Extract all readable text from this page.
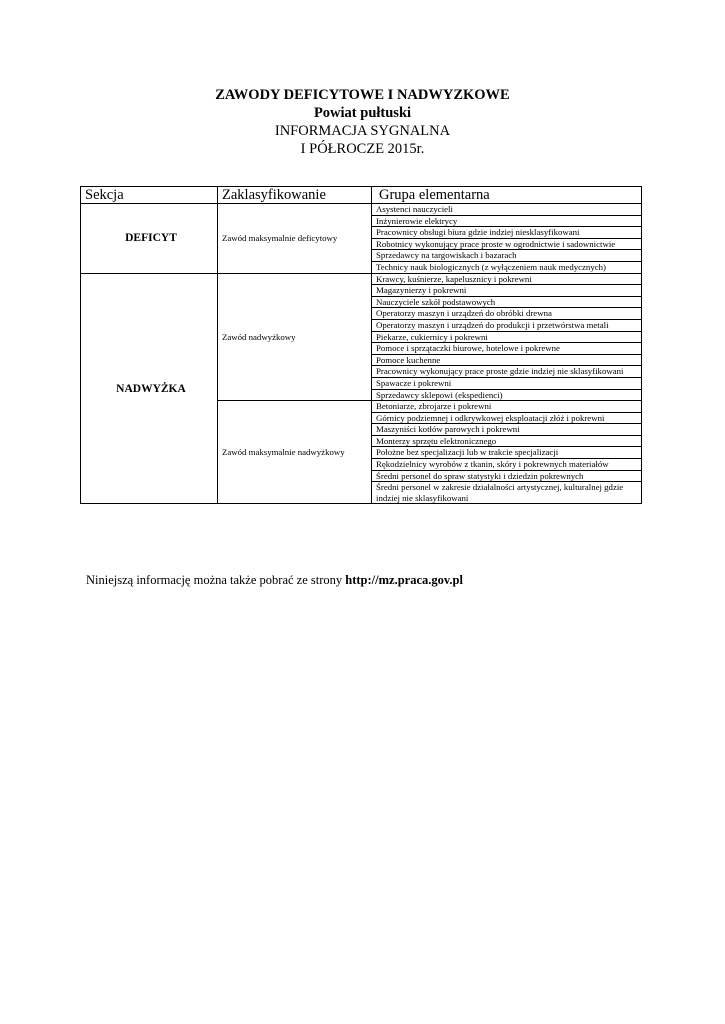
ZAWODY DEFICYTOWE I NADWYZKOWE
Powiat pułtuski
INFORMACJA SYGNALNA
I PÓŁROCZE 2015r.
Sekcja	Zaklasyfikowanie	Grupa elementarna
DEFICYT	Zawód maksymalnie deficytowy	Asystenci nauczycieli
		Inżynierowie elektrycy
		Pracownicy obsługi biura gdzie indziej niesklasyfikowani
		Robotnicy wykonujący prace proste w ogrodnictwie i sadownictwie
		Sprzedawcy na targowiskach i bazarach
		Technicy nauk biologicznych (z wyłączeniem nauk medycznych)
NADWYŻKA	Zawód nadwyżkowy	Krawcy, kuśnierze, kapelusznicy i pokrewni
		Magazynierzy i pokrewni
		Nauczyciele szkół podstawowych
		Operatorzy maszyn i urządzeń do obróbki drewna
		Operatorzy maszyn i urządzeń do produkcji i przetwórstwa metali
		Piekarze, cukiernicy i pokrewni
		Pomoce i sprzątaczki biurowe, hotelowe i pokrewne
		Pomoce kuchenne
		Pracownicy wykonujący prace proste gdzie indziej nie sklasyfikowani
		Spawacze i pokrewni
		Sprzedawcy sklepowi (ekspedienci)
	Zawód maksymalnie nadwyżkowy	Betoniarze, zbrojarze i pokrewni
		Górnicy podziemnej i odkrywkowej eksploatacji złóż i pokrewni
		Maszyniści kotłów parowych i pokrewni
		Monterzy sprzętu elektronicznego
		Położne bez specjalizacji lub w trakcie specjalizacji
		Rękodzielnicy wyrobów z tkanin, skóry i pokrewnych materiałów
		Średni personel do spraw statystyki i dziedzin pokrewnych
		Średni personel w zakresie działalności artystycznej, kulturalnej gdzie indziej nie sklasyfikowani
Niniejszą informację można także pobrać ze strony http://mz.praca.gov.pl
